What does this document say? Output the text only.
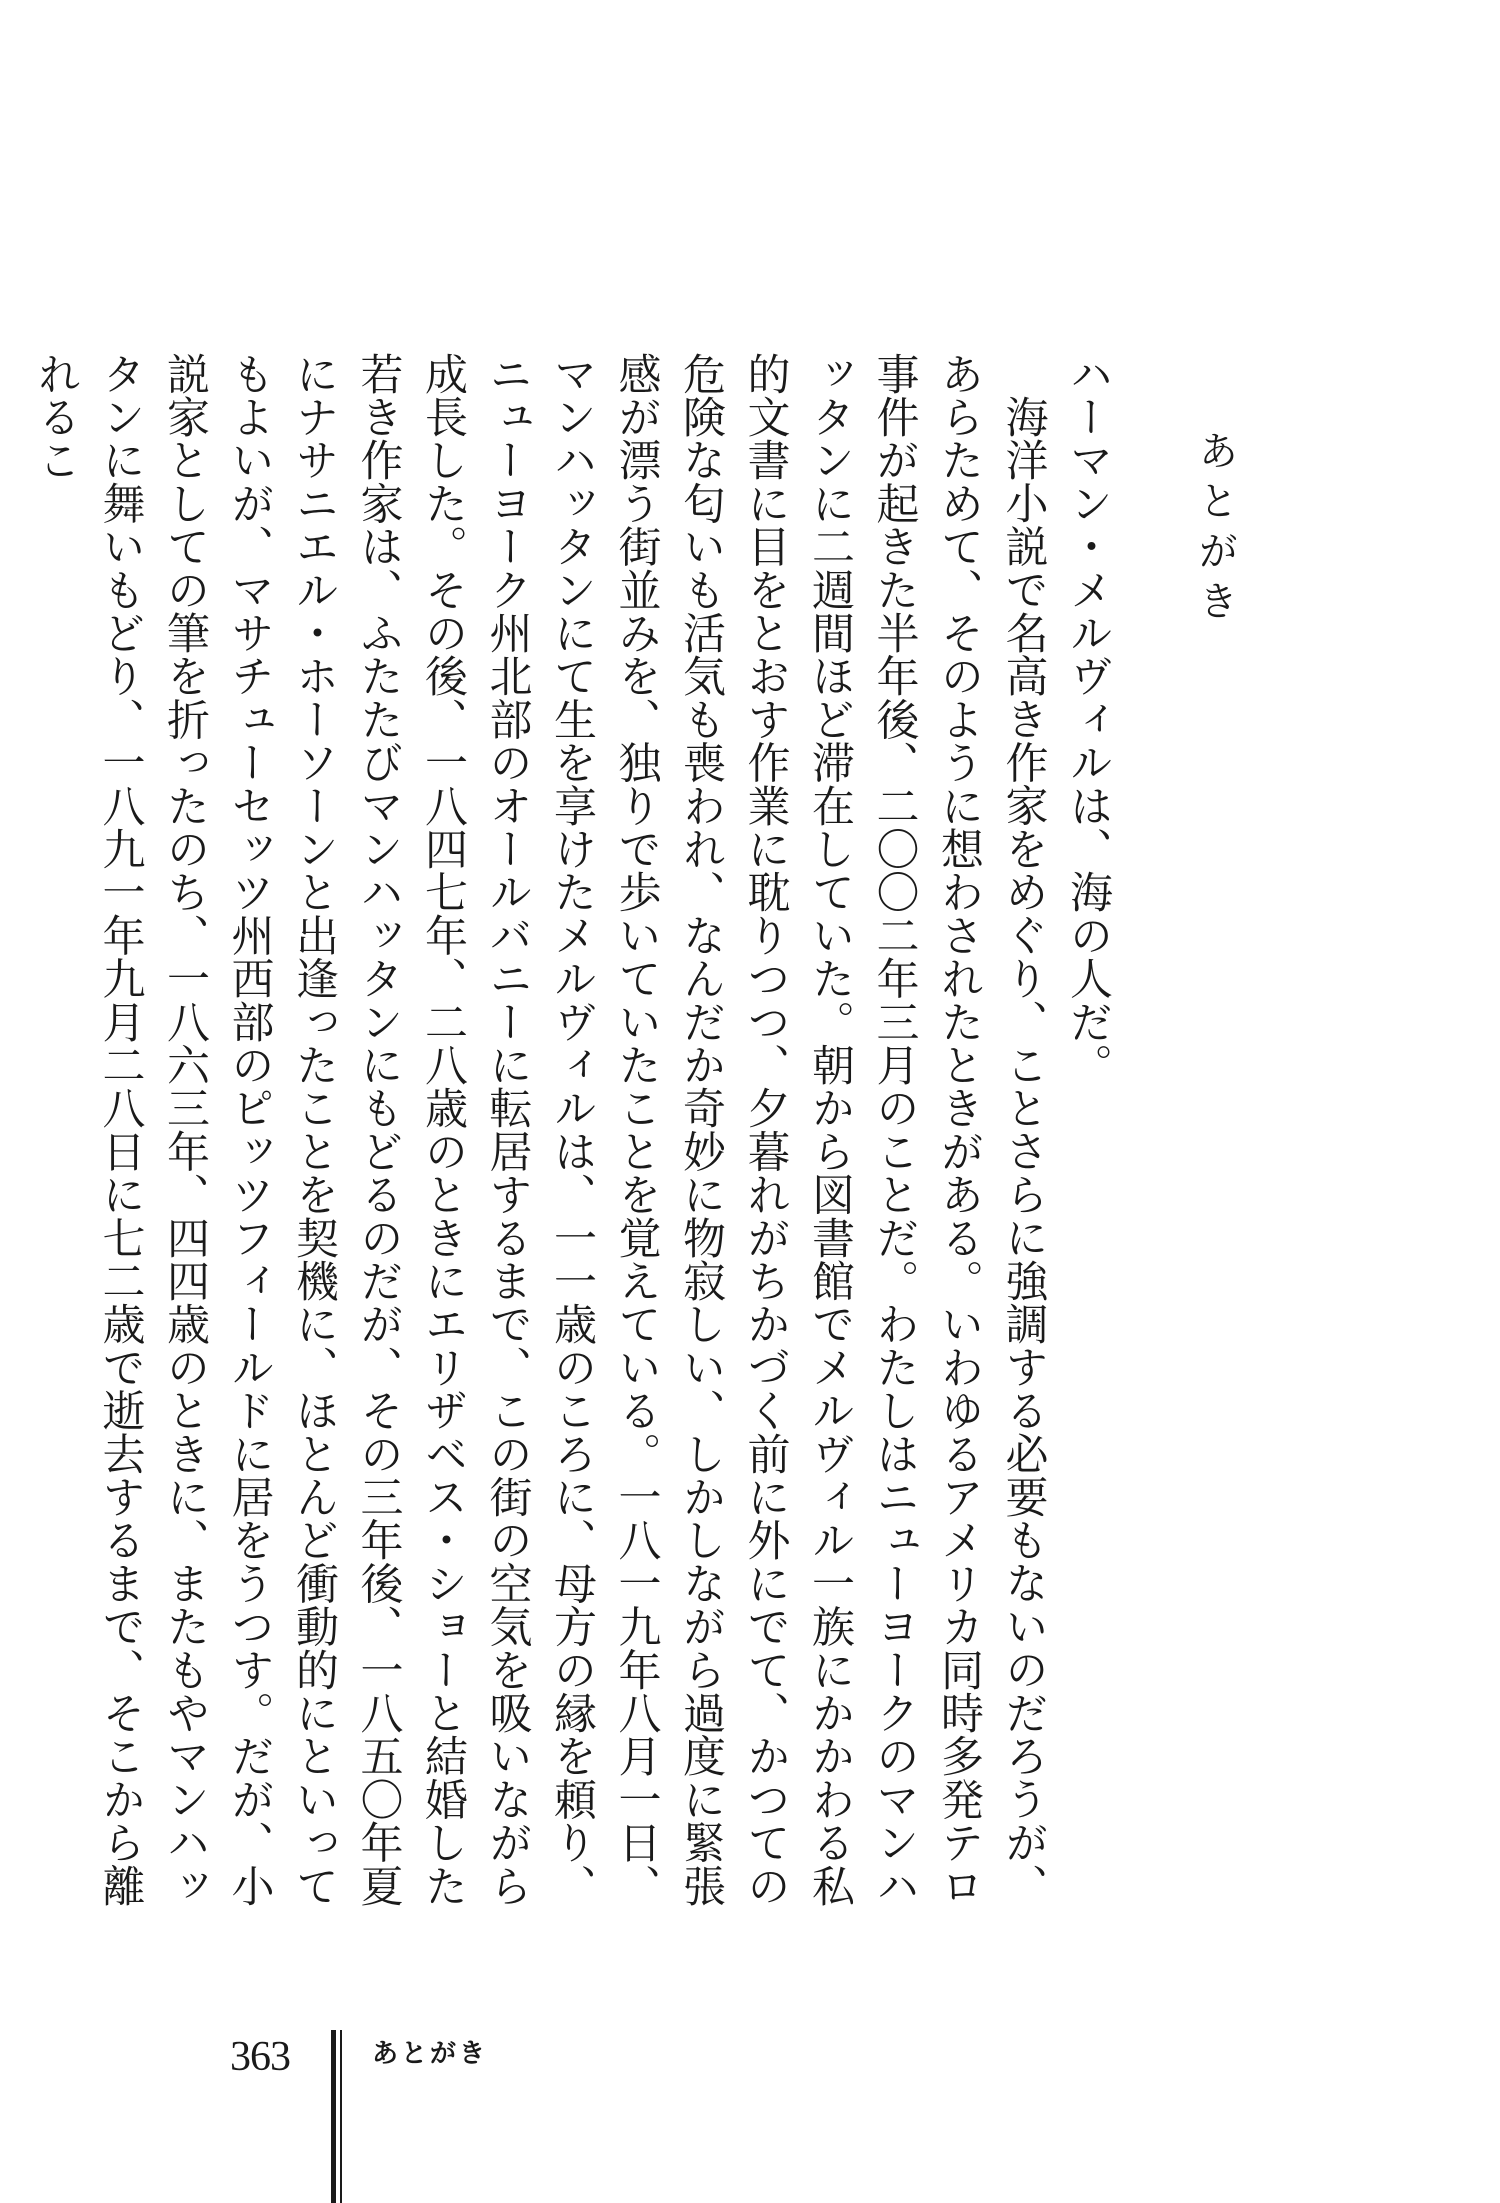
あとがき

ハーマン・メルヴィルは、海の人だ。

海洋小説で名高き作家をめぐり、ことさらに強調する必要もないのだろうが、あらためて、そのように想わされたときがある。いわゆるアメリカ同時多発テロ事件が起きた半年後、二〇〇二年三月のことだ。わたしはニューヨークのマンハッタンに二週間ほど滞在していた。朝から図書館でメルヴィル一族にかかわる私的文書に目をとおす作業に耽りつつ、夕暮れがちかづく前に外にでて、かつての危険な匂いも活気も喪われ、なんだか奇妙に物寂しい、しかしながら過度に緊張感が漂う街並みを、独りで歩いていたことを覚えている。一八一九年八月一日、マンハッタンにて生を享けたメルヴィルは、一一歳のころに、母方の縁を頼り、ニューヨーク州北部のオールバニーに転居するまで、この街の空気を吸いながら成長した。その後、一八四七年、二八歳のときにエリザベス・ショーと結婚した若き作家は、ふたたびマンハッタンにもどるのだが、その三年後、一八五〇年夏にナサニエル・ホーソーンと出逢ったことを契機に、ほとんど衝動的にといってもよいが、マサチューセッツ州西部のピッツフィールドに居をうつす。だが、小説家としての筆を折ったのち、一八六三年、四四歳のときに、またもやマンハッタンに舞いもどり、一八九一年九月二八日に七二歳で逝去するまで、そこから離れるこ

363	あとがき
